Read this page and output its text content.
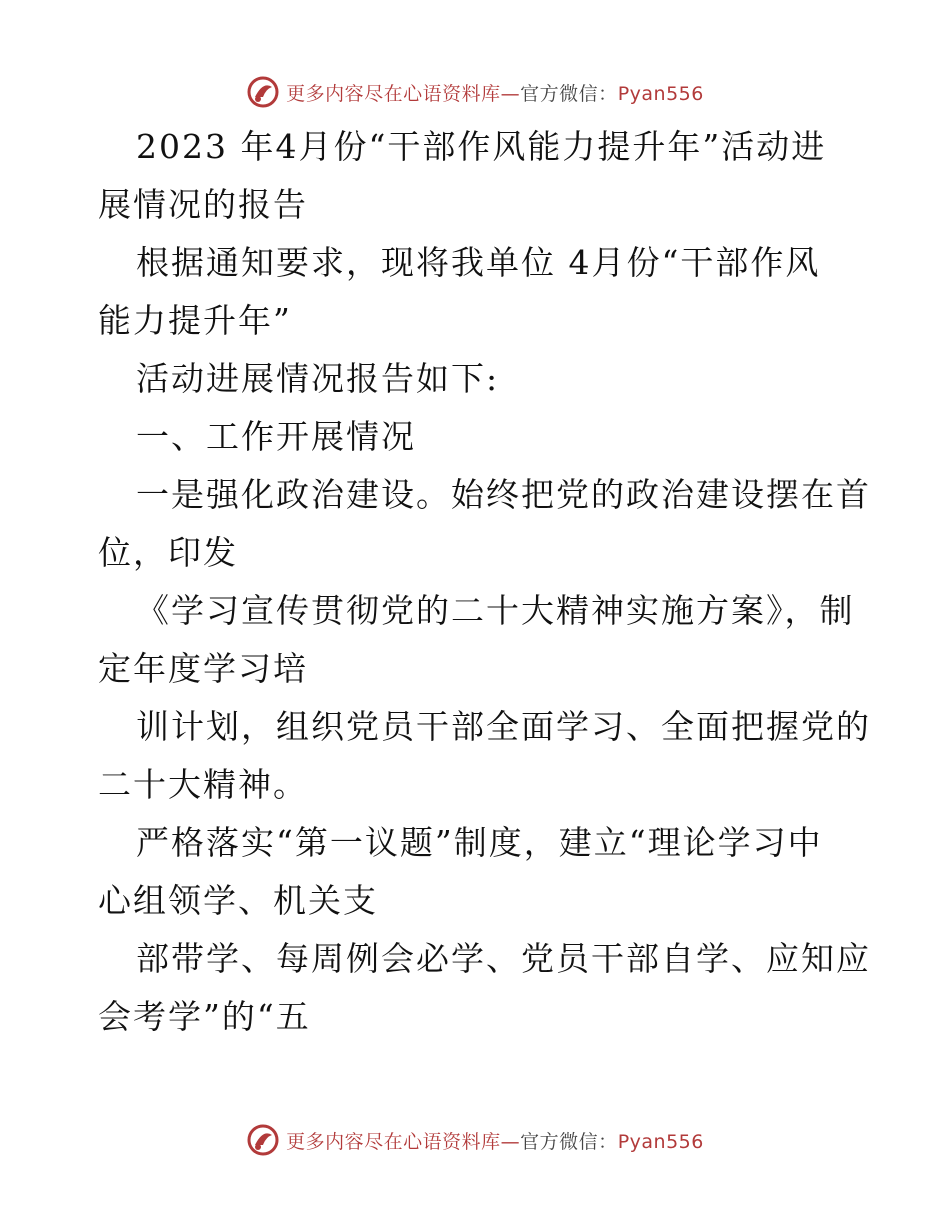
更多内容尽在心语资料库—官方微信：Pyan556
2023 年4月份“干部作风能力提升年”活动进
展情况的报告
根据通知要求，现将我单位 4月份“干部作风
能力提升年”
活动进展情况报告如下:
一、工作开展情况
一是强化政治建设。始终把党的政治建设摆在首
位，印发
《学习宣传贯彻党的二十大精神实施方案》，制
定年度学习培
训计划，组织党员干部全面学习、全面把握党的
二十大精神。
严格落实“第一议题”制度，建立“理论学习中
心组领学、机关支
部带学、每周例会必学、党员干部自学、应知应
会考学”的“五
更多内容尽在心语资料库—官方微信：Pyan556
